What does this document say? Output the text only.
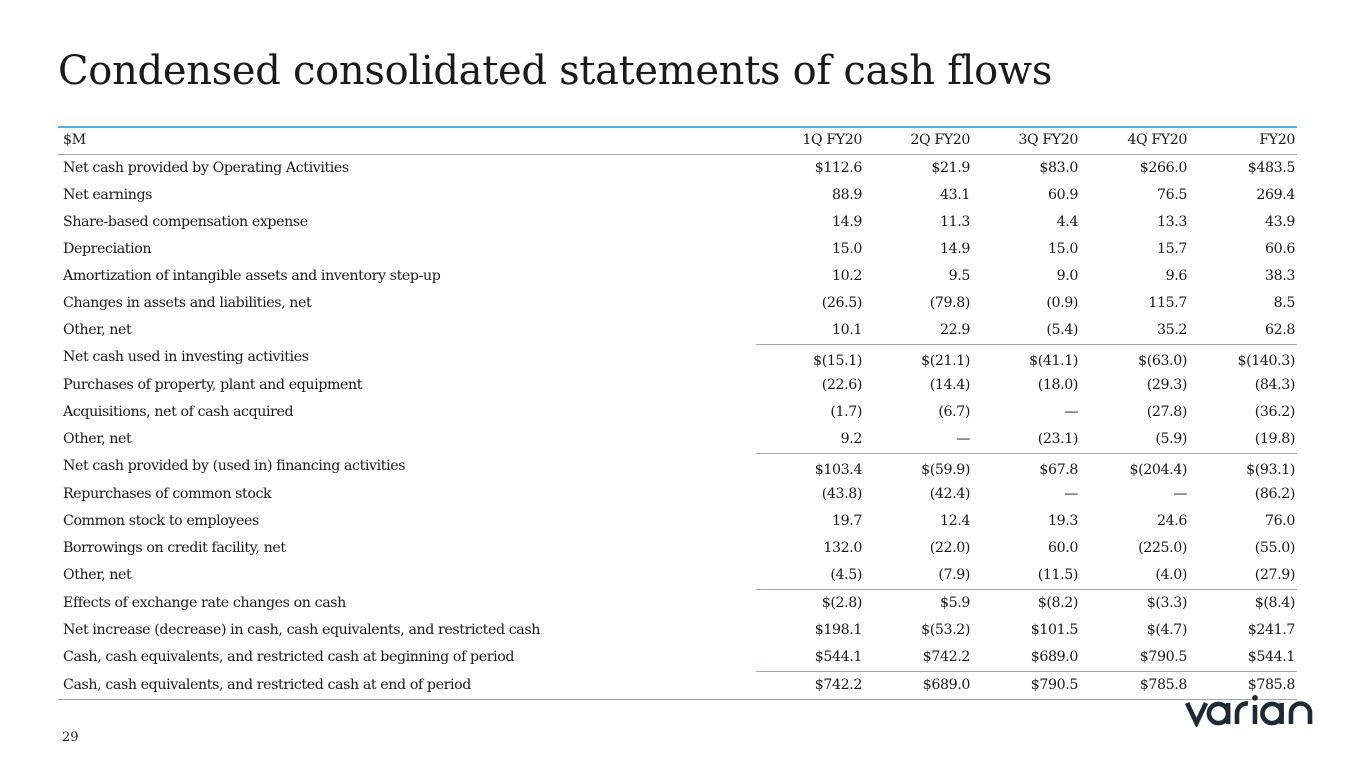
Condensed consolidated statements of cash flows
$M	1Q FY20	2Q FY20	3Q FY20	4Q FY20	FY20
Net cash provided by Operating Activities	$112.6	$21.9	$83.0	$266.0	$483.5
Net earnings	88.9	43.1	60.9	76.5	269.4
Share-based compensation expense	14.9	11.3	4.4	13.3	43.9
Depreciation	15.0	14.9	15.0	15.7	60.6
Amortization of intangible assets and inventory step-up	10.2	9.5	9.0	9.6	38.3
Changes in assets and liabilities, net	(26.5)	(79.8)	(0.9)	115.7	8.5
Other, net	10.1	22.9	(5.4)	35.2	62.8
Net cash used in investing activities	$(15.1)	$(21.1)	$(41.1)	$(63.0)	$(140.3)
Purchases of property, plant and equipment	(22.6)	(14.4)	(18.0)	(29.3)	(84.3)
Acquisitions, net of cash acquired	(1.7)	(6.7)	—	(27.8)	(36.2)
Other, net	9.2	—	(23.1)	(5.9)	(19.8)
Net cash provided by (used in) financing activities	$103.4	$(59.9)	$67.8	$(204.4)	$(93.1)
Repurchases of common stock	(43.8)	(42.4)	—	—	(86.2)
Common stock to employees	19.7	12.4	19.3	24.6	76.0
Borrowings on credit facility, net	132.0	(22.0)	60.0	(225.0)	(55.0)
Other, net	(4.5)	(7.9)	(11.5)	(4.0)	(27.9)
Effects of exchange rate changes on cash	$(2.8)	$5.9	$(8.2)	$(3.3)	$(8.4)
Net increase (decrease) in cash, cash equivalents, and restricted cash	$198.1	$(53.2)	$101.5	$(4.7)	$241.7
Cash, cash equivalents, and restricted cash at beginning of period	$544.1	$742.2	$689.0	$790.5	$544.1
Cash, cash equivalents, and restricted cash at end of period	$742.2	$689.0	$790.5	$785.8	$785.8
29
